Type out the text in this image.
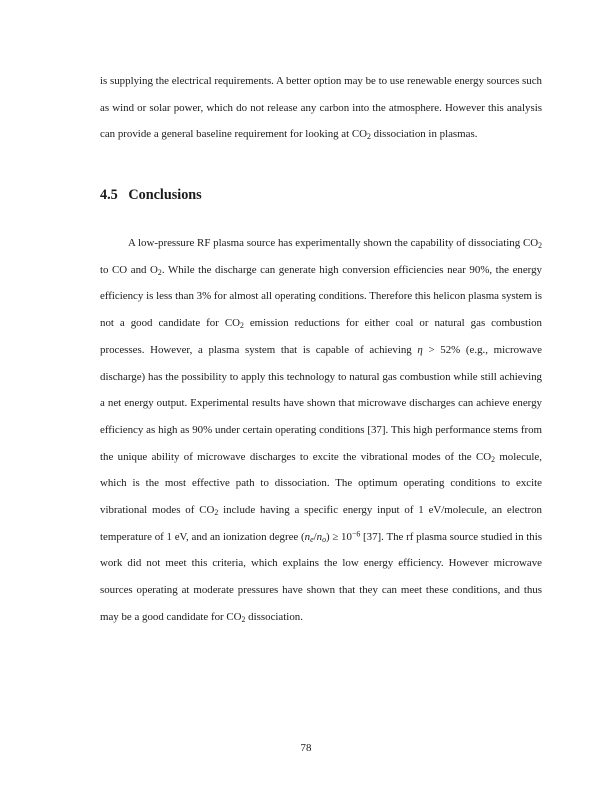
is supplying the electrical requirements. A better option may be to use renewable energy sources such as wind or solar power, which do not release any carbon into the atmosphere. However this analysis can provide a general baseline requirement for looking at $CO_2$ dissociation in plasmas.

4.5 Conclusions

A low-pressure RF plasma source has experimentally shown the capability of dissociating $CO_2$ to CO and $O_2$. While the discharge can generate high conversion efficiencies near 90%, the energy efficiency is less than 3% for almost all operating conditions. Therefore this helicon plasma system is not a good candidate for $CO_2$ emission reductions for either coal or natural gas combustion processes. However, a plasma system that is capable of achieving η > 52% (e.g., microwave discharge) has the possibility to apply this technology to natural gas combustion while still achieving a net energy output. Experimental results have shown that microwave discharges can achieve energy efficiency as high as 90% under certain operating conditions [37]. This high performance stems from the unique ability of microwave discharges to excite the vibrational modes of the $CO_2$ molecule, which is the most effective path to dissociation. The optimum operating conditions to excite vibrational modes of $CO_2$ include having a specific energy input of 1 eV/molecule, an electron temperature of 1 eV, and an ionization degree $(n_e/n_o) \ge 10^{-6}$ [37]. The rf plasma source studied in this work did not meet this criteria, which explains the low energy efficiency. However microwave sources operating at moderate pressures have shown that they can meet these conditions, and thus may be a good candidate for $CO_2$ dissociation.

78
